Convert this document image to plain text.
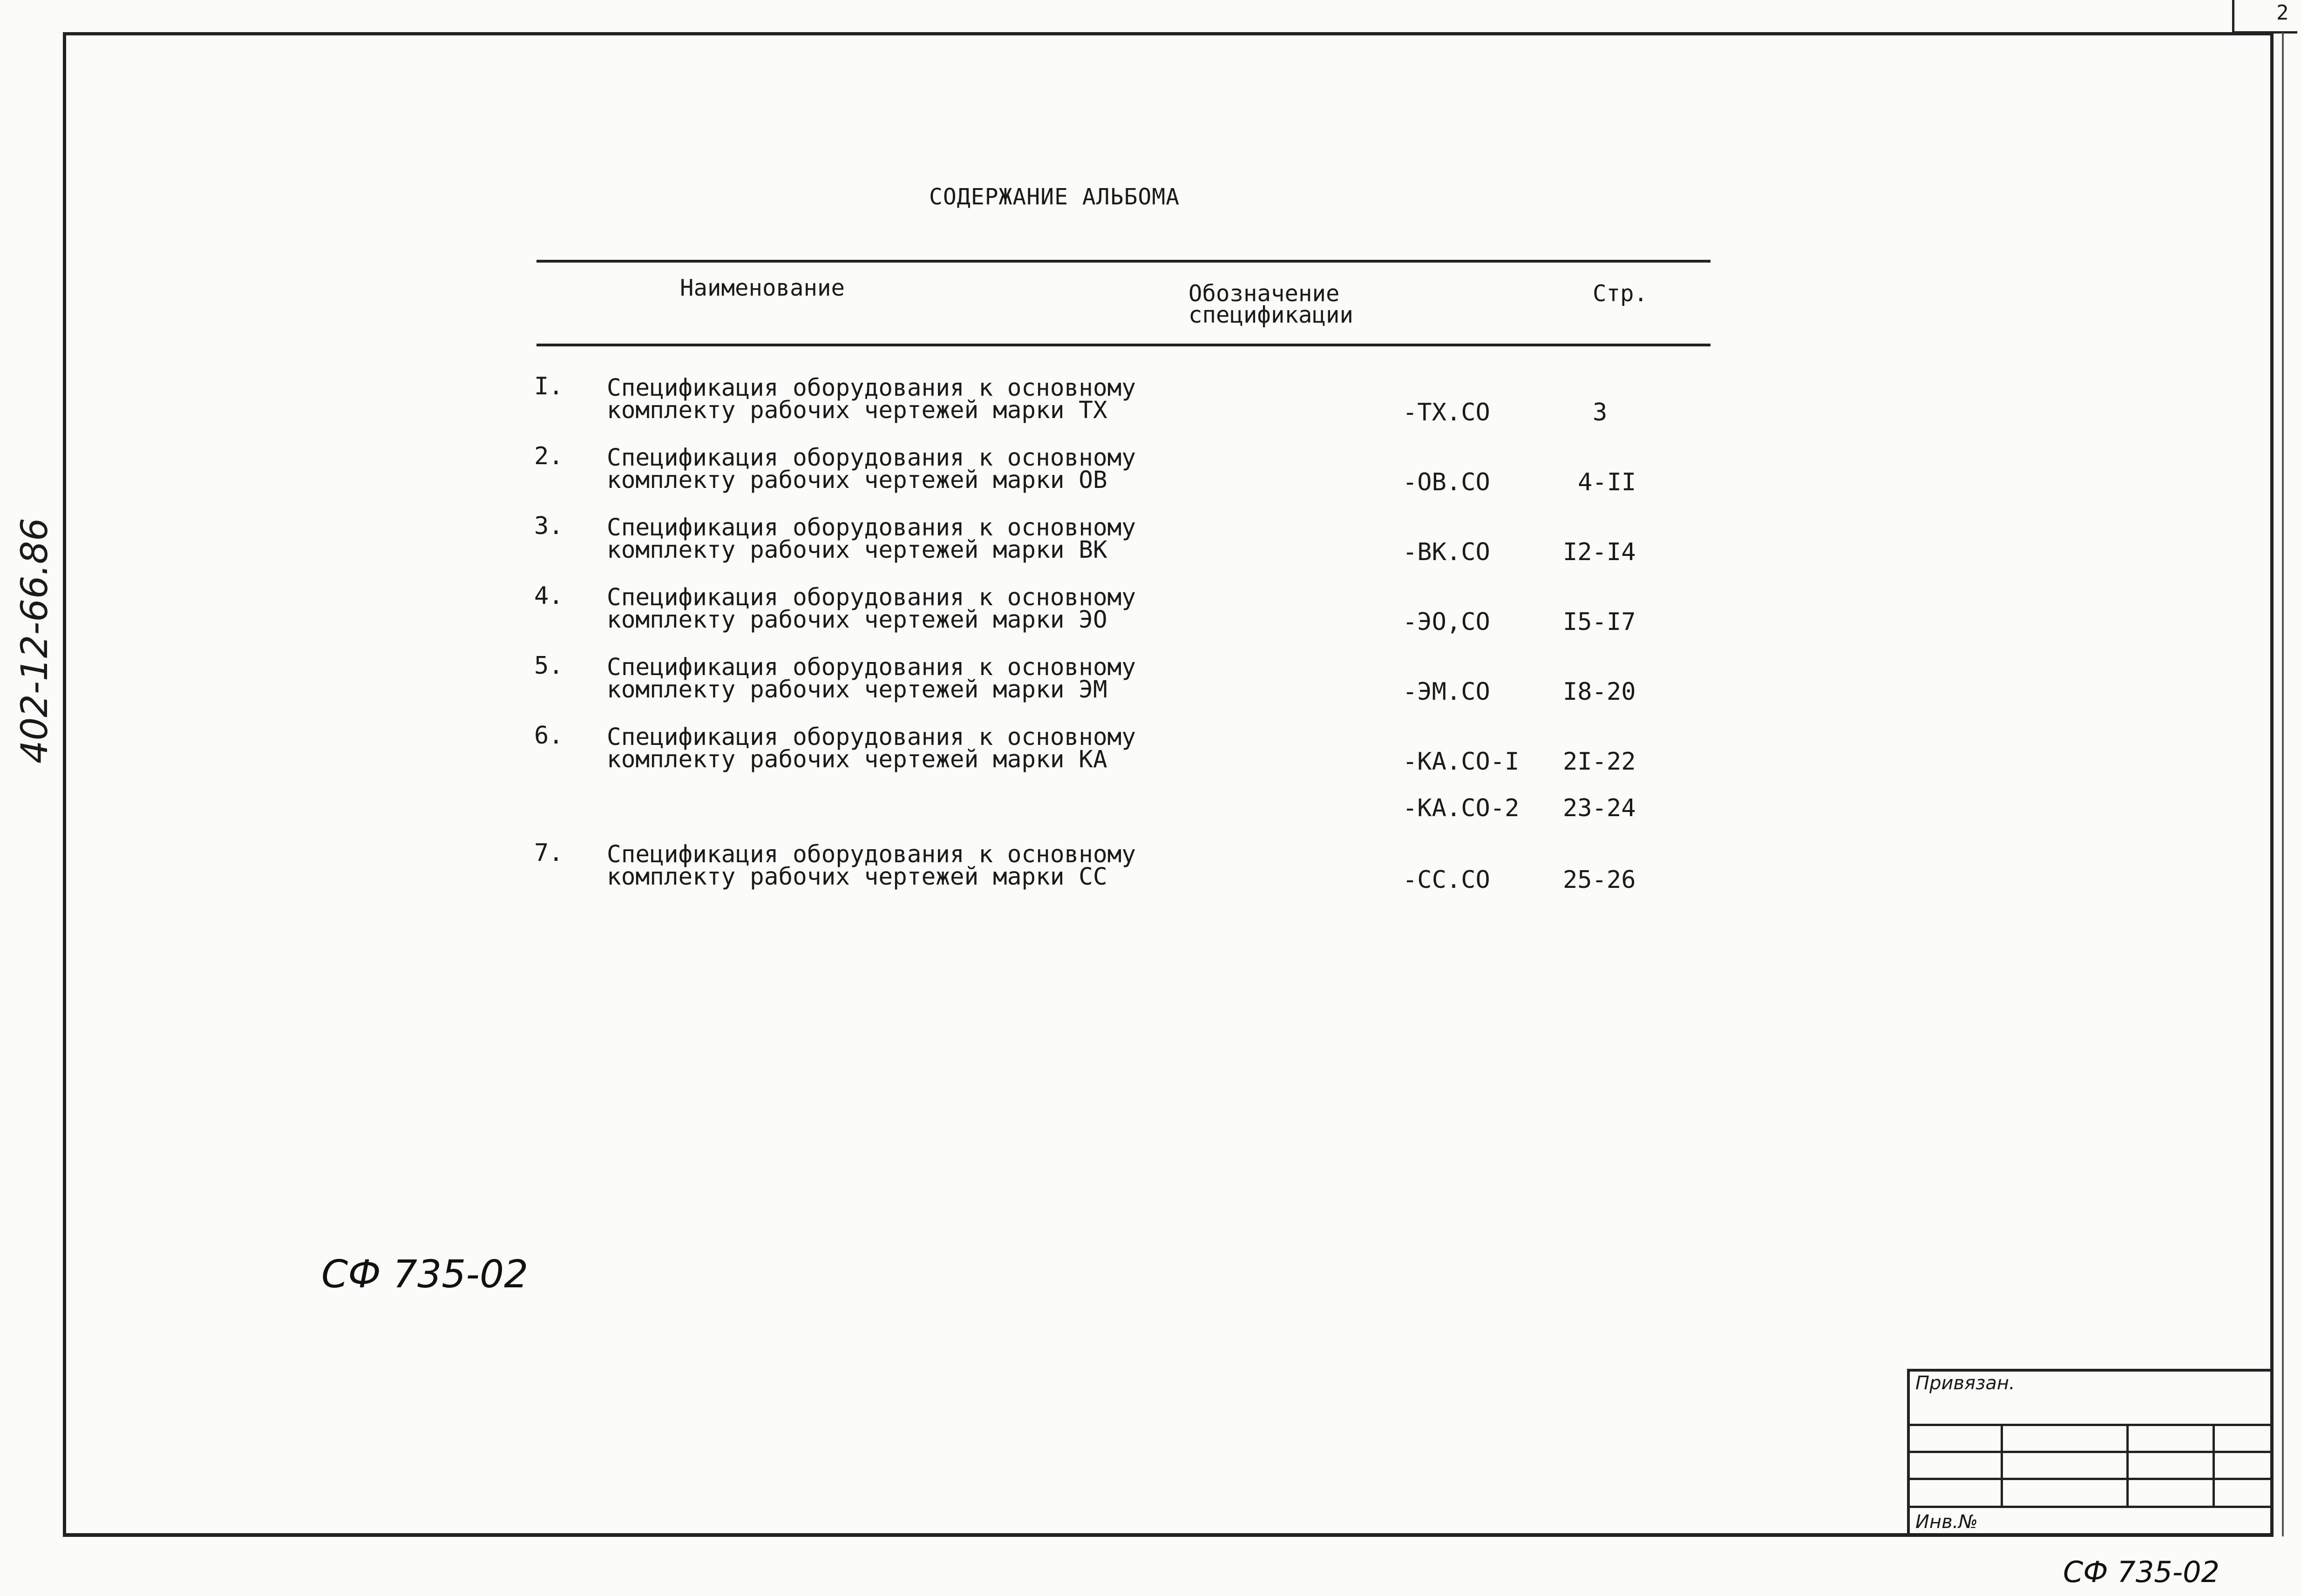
2
402-12-66.86
СОДЕРЖАНИЕ АЛЬБОМА
Наименование	Обозначение
спецификации
Стр.
I. Спецификация оборудования к основному
комплекту рабочих чертежей марки ТХ	-ТХ.СО	3
2. Спецификация оборудования к основному
комплекту рабочих чертежей марки ОВ	-ОВ.СО	4-II
3. Спецификация оборудования к основному
комплекту рабочих чертежей марки ВК	-ВК.СО	I2-I4
4. Спецификация оборудования к основному
комплекту рабочих чертежей марки ЭО	-ЭО,СО	I5-I7
5. Спецификация оборудования к основному
комплекту рабочих чертежей марки ЭМ	-ЭМ.СО	I8-20
6. Спецификация оборудования к основному
комплекту рабочих чертежей марки КА	-КА.СО-I 2I-22
-КА.СО-2 23-24
7. Спецификация оборудования к основному
комплекту рабочих чертежей марки СС	-СС.СО	25-26
СФ 735-02
СФ 735-02
Привязан.
Инв.№
